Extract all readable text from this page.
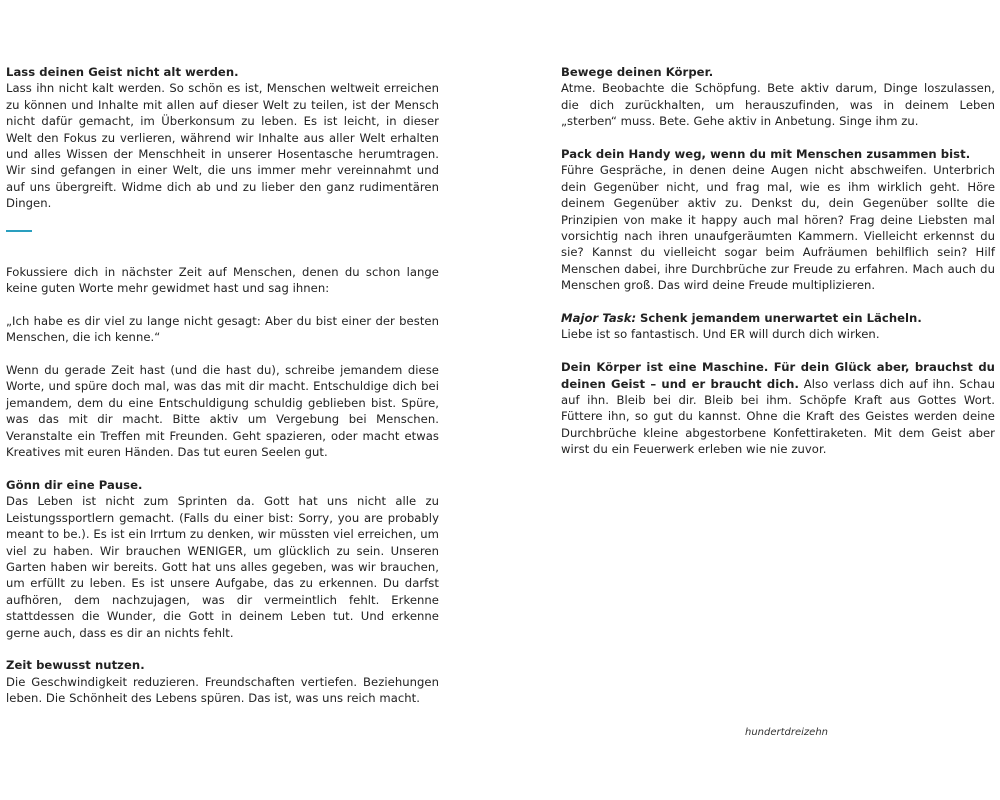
Lass deinen Geist nicht alt werden.
Lass ihn nicht kalt werden. So schön es ist, Menschen weltweit erreichen zu können und Inhalte mit allen auf dieser Welt zu teilen, ist der Mensch nicht dafür gemacht, im Überkonsum zu leben. Es ist leicht, in dieser Welt den Fokus zu verlieren, während wir Inhalte aus aller Welt erhalten und alles Wissen der Menschheit in unserer Hosentasche herumtragen. Wir sind gefangen in einer Welt, die uns immer mehr vereinnahmt und auf uns übergreift. Widme dich ab und zu lieber den ganz rudimentären Dingen.
Fokussiere dich in nächster Zeit auf Menschen, denen du schon lange keine guten Worte mehr gewidmet hast und sag ihnen:
„Ich habe es dir viel zu lange nicht gesagt: Aber du bist einer der besten Menschen, die ich kenne.“
Wenn du gerade Zeit hast (und die hast du), schreibe jemandem diese Worte, und spüre doch mal, was das mit dir macht. Entschuldige dich bei jemandem, dem du eine Entschuldigung schuldig geblieben bist. Spüre, was das mit dir macht. Bitte aktiv um Vergebung bei Menschen. Veranstalte ein Treffen mit Freunden. Geht spazieren, oder macht etwas Kreatives mit euren Händen. Das tut euren Seelen gut.
Gönn dir eine Pause.
Das Leben ist nicht zum Sprinten da. Gott hat uns nicht alle zu Leistungssportlern gemacht. (Falls du einer bist: Sorry, you are probably meant to be.). Es ist ein Irrtum zu denken, wir müssten viel erreichen, um viel zu haben. Wir brauchen WENIGER, um glücklich zu sein. Unseren Garten haben wir bereits. Gott hat uns alles gegeben, was wir brauchen, um erfüllt zu leben. Es ist unsere Aufgabe, das zu erkennen. Du darfst aufhören, dem nachzujagen, was dir vermeintlich fehlt. Erkenne stattdessen die Wunder, die Gott in deinem Leben tut. Und erkenne gerne auch, dass es dir an nichts fehlt.
Zeit bewusst nutzen.
Die Geschwindigkeit reduzieren. Freundschaften vertiefen. Beziehungen leben. Die Schönheit des Lebens spüren. Das ist, was uns reich macht.
Bewege deinen Körper.
Atme. Beobachte die Schöpfung. Bete aktiv darum, Dinge loszulassen, die dich zurückhalten, um herauszufinden, was in deinem Leben „sterben“ muss. Bete. Gehe aktiv in Anbetung. Singe ihm zu.
Pack dein Handy weg, wenn du mit Menschen zusammen bist.
Führe Gespräche, in denen deine Augen nicht abschweifen. Unterbrich dein Gegenüber nicht, und frag mal, wie es ihm wirklich geht. Höre deinem Gegenüber aktiv zu. Denkst du, dein Gegenüber sollte die Prinzipien von make it happy auch mal hören? Frag deine Liebsten mal vorsichtig nach ihren unaufgeräumten Kammern. Vielleicht erkennst du sie? Kannst du vielleicht sogar beim Aufräumen behilflich sein? Hilf Menschen dabei, ihre Durchbrüche zur Freude zu erfahren. Mach auch du Menschen groß. Das wird deine Freude multiplizieren.
Major Task: Schenk jemandem unerwartet ein Lächeln.
Liebe ist so fantastisch. Und ER will durch dich wirken.
Dein Körper ist eine Maschine. Für dein Glück aber, brauchst du deinen Geist – und er braucht dich. Also verlass dich auf ihn. Schau auf ihn. Bleib bei dir. Bleib bei ihm. Schöpfe Kraft aus Gottes Wort. Füttere ihn, so gut du kannst. Ohne die Kraft des Geistes werden deine Durchbrüche kleine abgestorbene Konfettiraketen. Mit dem Geist aber wirst du ein Feuerwerk erleben wie nie zuvor.
hundertdreizehn
